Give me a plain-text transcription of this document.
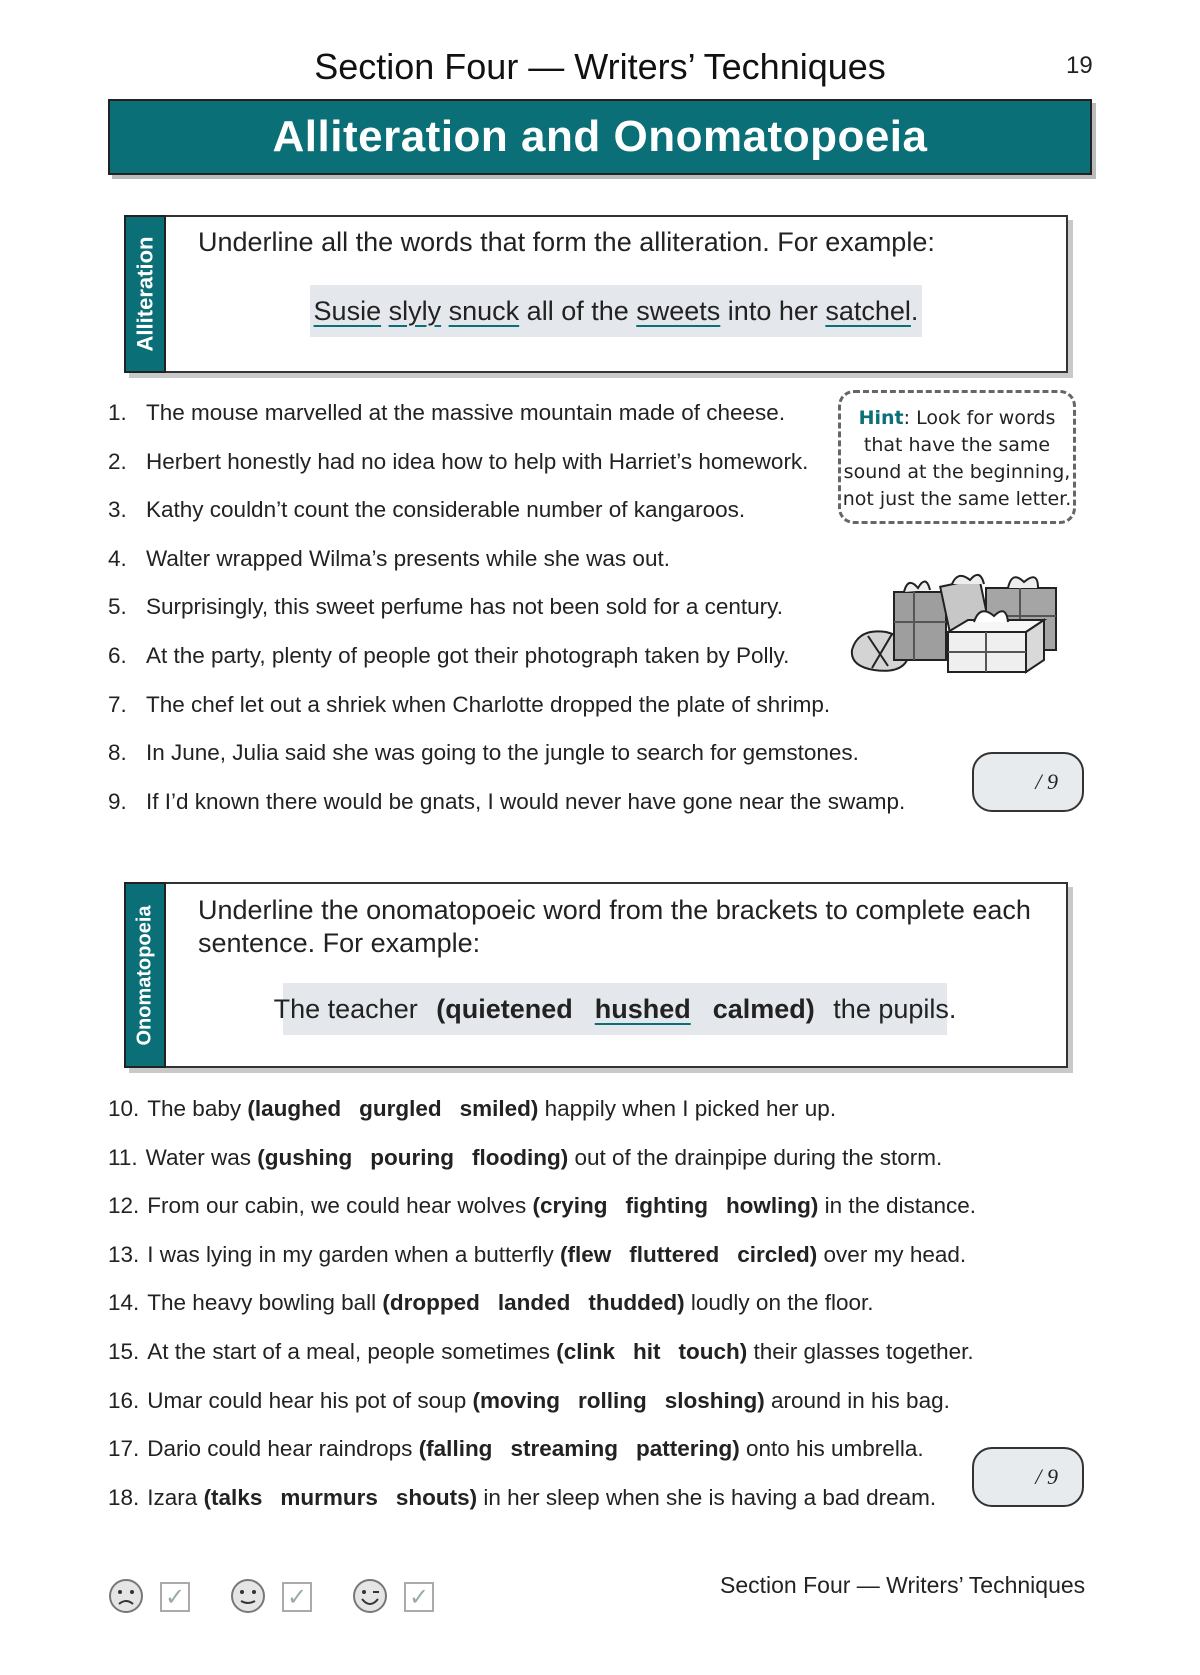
Section Four — Writers’ Techniques	19
Alliteration and Onomatopoeia
Alliteration Underline all the words that form the alliteration. For example:
Susie
slyly
snuck all of the sweets into her satchel .
1. The mouse marvelled at the massive mountain made of cheese.
2. Herbert honestly had no idea how to help with Harriet’s homework.
3. Kathy couldn’t count the considerable number of kangaroos.
4. Walter wrapped Wilma’s presents while she was out.
5. Surprisingly, this sweet perfume has not been sold for a century.
6. At the party, plenty of people got their photograph taken by Polly.
7. The chef let out a shriek when Charlotte dropped the plate of shrimp.
8. In June, Julia said she was going to the jungle to search for gemstones.
9. If I’d known there would be gnats, I would never have gone near the swamp.
Hint: Look for words
that have the same
sound at the beginning,
not just the same letter.
/ 9
Onomatopoeia Underline the onomatopoeic word from the brackets to complete each sentence. For example:
The teacher (quietened hushed calmed) the pupils.
10. The baby (laughed gurgled smiled) happily when I picked her up.
11. Water was (gushing pouring flooding) out of the drainpipe during the storm.
12. From our cabin, we could hear wolves (crying fighting howling) in the distance.
13. I was lying in my garden when a butterfly (flew fluttered circled) over my head.
14. The heavy bowling ball (dropped landed thudded) loudly on the floor.
15. At the start of a meal, people sometimes (clink hit touch) their glasses together.
16. Umar could hear his pot of soup (moving rolling sloshing) around in his bag.
17. Dario could hear raindrops (falling streaming pattering) onto his umbrella.
18. Izara (talks murmurs shouts) in her sleep when she is having a bad dream.
/ 9
✓	✓	✓	Section Four — Writers’ Techniques
